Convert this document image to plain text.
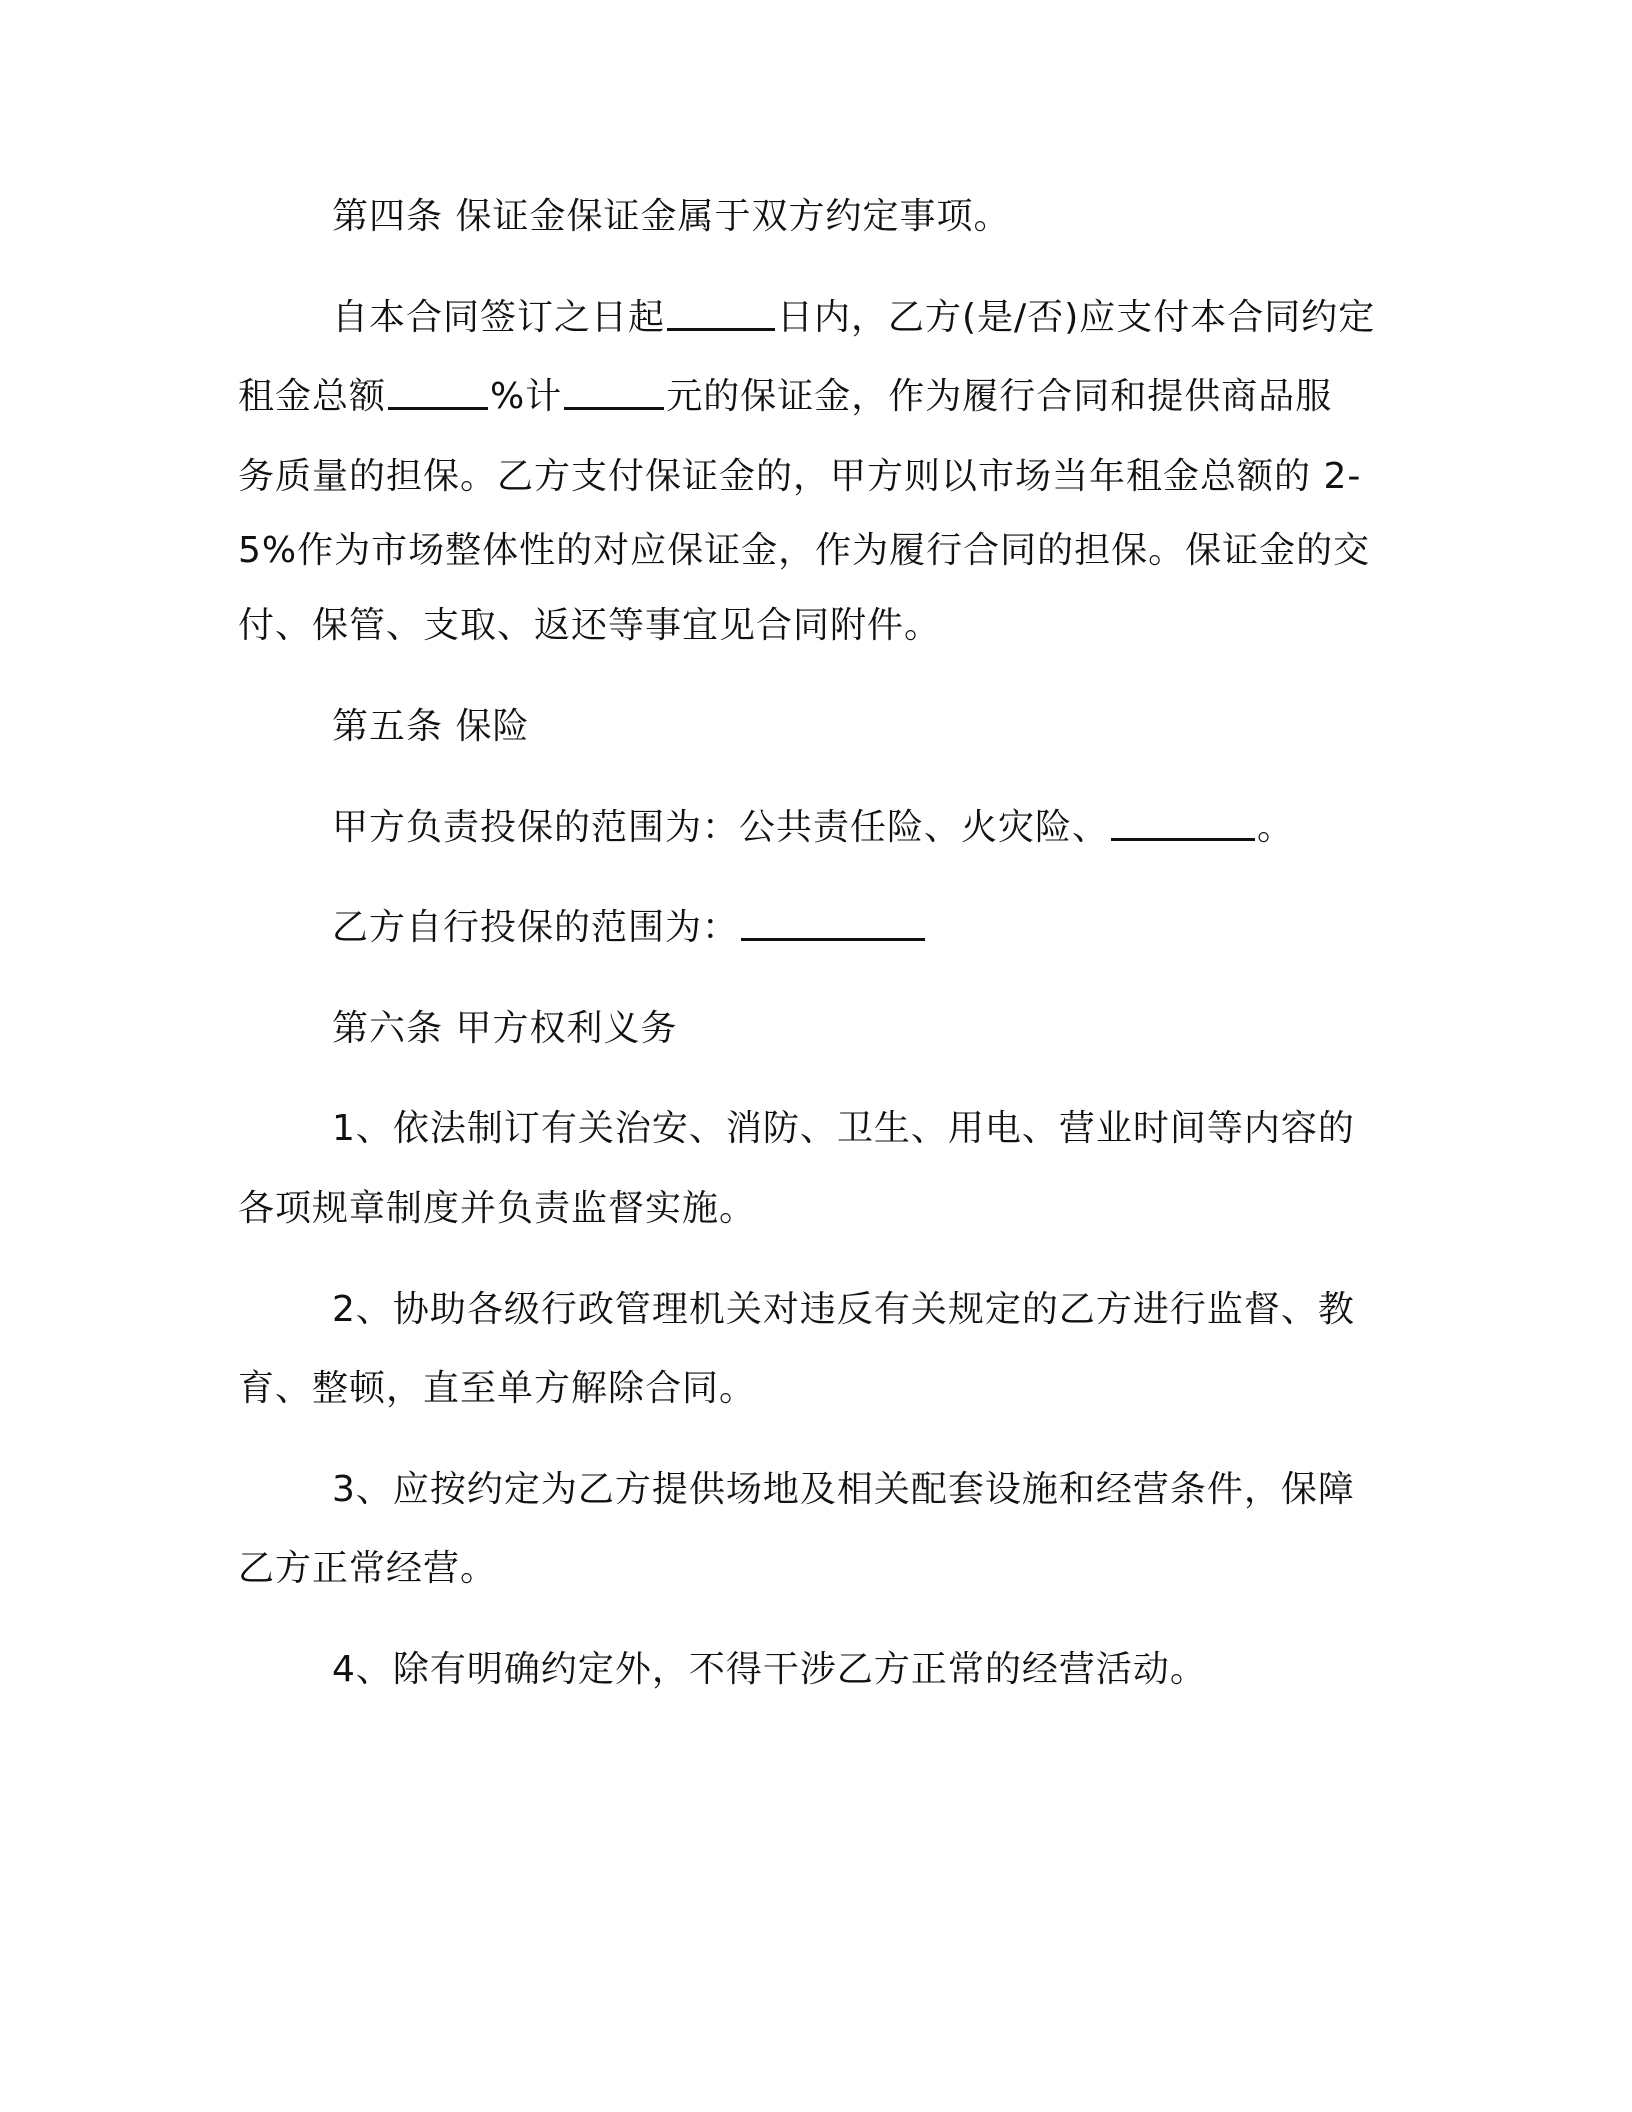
第四条 保证金保证金属于双方约定事项。

自本合同签订之日起	日内，乙方(是/否)应支付本合同约定

租金总额	%计	元的保证金，作为履行合同和提供商品服

务质量的担保。乙方支付保证金的，甲方则以市场当年租金总额的 2-

5%作为市场整体性的对应保证金，作为履行合同的担保。保证金的交

付、保管、支取、返还等事宜见合同附件。

第五条 保险

甲方负责投保的范围为：公共责任险、火灾险、	。

乙方自行投保的范围为：

第六条 甲方权利义务

1、依法制订有关治安、消防、卫生、用电、营业时间等内容的

各项规章制度并负责监督实施。

2、协助各级行政管理机关对违反有关规定的乙方进行监督、教

育、整顿，直至单方解除合同。

3、应按约定为乙方提供场地及相关配套设施和经营条件，保障

乙方正常经营。

4、除有明确约定外，不得干涉乙方正常的经营活动。
